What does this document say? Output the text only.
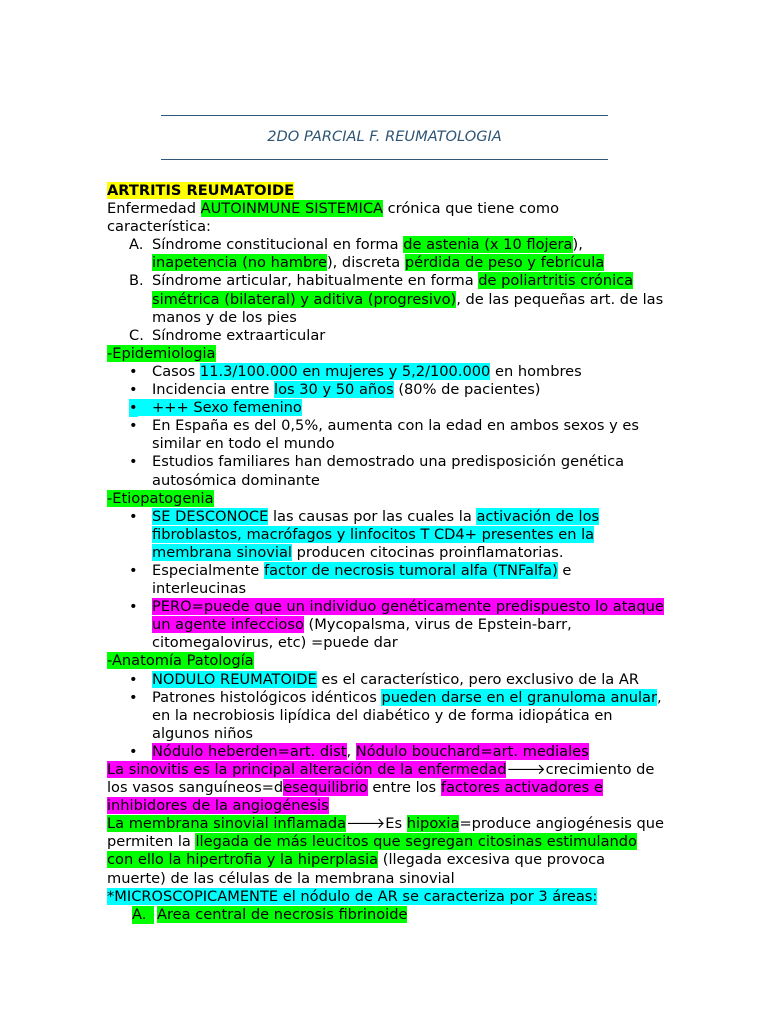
2DO PARCIAL F. REUMATOLOGIA

ARTRITIS REUMATOIDE

Enfermedad AUTOINMUNE SISTEMICA crónica que tiene como característica:

A. Síndrome constitucional en forma de astenia (x 10 flojera), inapetencia (no hambre), discreta pérdida de peso y febrícula
B. Síndrome articular, habitualmente en forma de poliartritis crónica simétrica (bilateral) y aditiva (progresivo), de las pequeñas art. de las manos y de los pies
C. Síndrome extraarticular

-Epidemiologia

• Casos 11.3/100.000 en mujeres y 5,2/100.000 en hombres
• Incidencia entre los 30 y 50 años (80% de pacientes)
• +++ Sexo femenino
• En España es del 0,5%, aumenta con la edad en ambos sexos y es similar en todo el mundo
• Estudios familiares han demostrado una predisposición genética autosómica dominante

-Etiopatogenia

• SE DESCONOCE las causas por las cuales la activación de los fibroblastos, macrófagos y linfocitos T CD4+ presentes en la membrana sinovial producen citocinas proinflamatorias.
• Especialmente factor de necrosis tumoral alfa (TNFalfa) e interleucinas
• PERO=puede que un individuo genéticamente predispuesto lo ataque un agente infeccioso (Mycopalsma, virus de Epstein-barr, citomegalovirus, etc) =puede dar

-Anatomía Patología

• NODULO REUMATOIDE es el característico, pero exclusivo de la AR
• Patrones histológicos idénticos pueden darse en el granuloma anular, en la necrobiosis lipídica del diabético y de forma idiopática en algunos niños
• Nódulo heberden=art. dist, Nódulo bouchard=art. mediales

La sinovitis es la principal alteración de la enfermedad🡒crecimiento de los vasos sanguíneos=desequilibrio entre los factores activadores e inhibidores de la angiogénesis

La membrana sinovial inflamada🡒Es hipoxia=produce angiogénesis que permiten la llegada de más leucitos que segregan citosinas estimulando con ello la hipertrofia y la hiperplasia (llegada excesiva que provoca muerte) de las células de la membrana sinovial

*MICROSCOPICAMENTE el nódulo de AR se caracteriza por 3 áreas:

A. Area central de necrosis fibrinoide
